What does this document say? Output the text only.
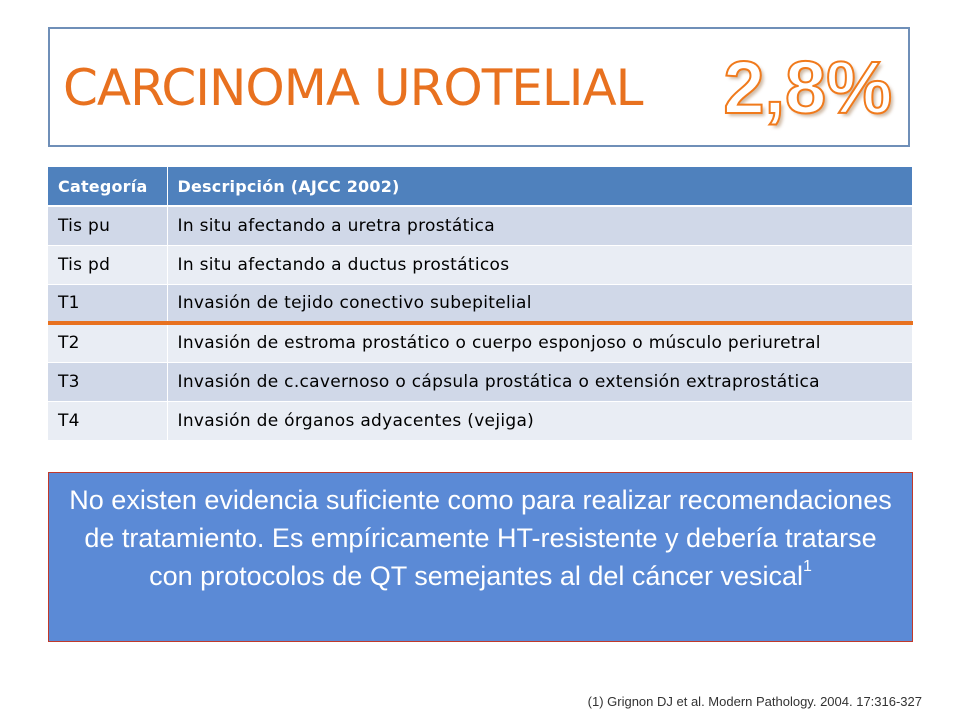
CARCINOMA UROTELIAL 2,8%
Categoría	Descripción (AJCC 2002)
Tis pu	In situ afectando a uretra prostática
Tis pd	In situ afectando a ductus prostáticos
T1	Invasión de tejido conectivo subepitelial
T2	Invasión de estroma prostático o cuerpo esponjoso o músculo periuretral
T3	Invasión de c.cavernoso o cápsula prostática o extensión extraprostática
T4	Invasión de órganos adyacentes (vejiga)
No existen evidencia suficiente como para realizar recomendaciones de tratamiento. Es empíricamente HT-resistente y debería tratarse con protocolos de QT semejantes al del cáncer vesical$^1$
(1) Grignon DJ et al. Modern Pathology. 2004. 17:316-327
